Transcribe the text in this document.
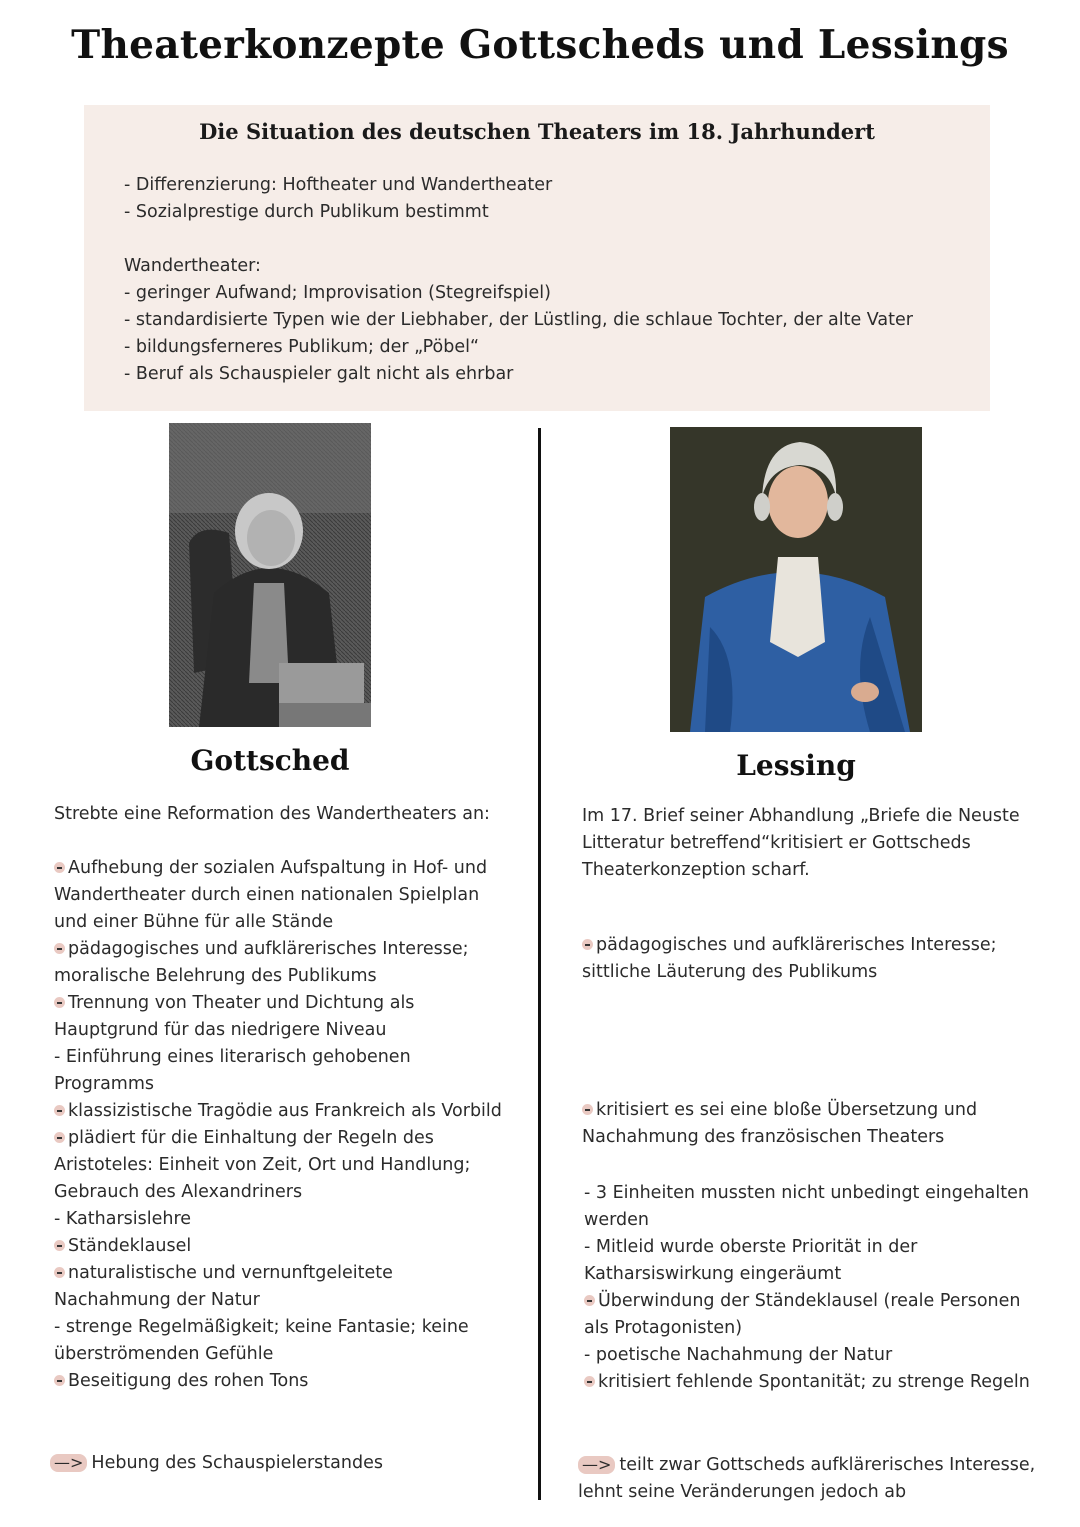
Theaterkonzepte Gottscheds und Lessings
Die Situation des deutschen Theaters im 18. Jahrhundert
- Differenzierung: Hoftheater und Wandertheater
- Sozialprestige durch Publikum bestimmt
Wandertheater:
- geringer Aufwand; Improvisation (Stegreifspiel)
- standardisierte Typen wie der Liebhaber, der Lüstling, die schlaue Tochter, der alte Vater
- bildungsferneres Publikum; der „Pöbel“
- Beruf als Schauspieler galt nicht als ehrbar
Gottsched	Lessing

Strebte eine Reformation des Wandertheaters an:

Aufhebung der sozialen Aufspaltung in Hof- und Wandertheater durch einen nationalen Spielplan und einer Bühne für alle Stände

pädagogisches und aufklärerisches Interesse; moralische Belehrung des Publikums

Trennung von Theater und Dichtung als Hauptgrund für das niedrigere Niveau

- Einführung eines literarisch gehobenen Programms

klassizistische Tragödie aus Frankreich als Vorbild

plädiert für die Einhaltung der Regeln des Aristoteles: Einheit von Zeit, Ort und Handlung; Gebrauch des Alexandriners

- Katharsislehre

Ständeklausel

naturalistische und vernunftgeleitete Nachahmung der Natur

- strenge Regelmäßigkeit; keine Fantasie; keine überströmenden Gefühle

Beseitigung des rohen Tons

—> Hebung des Schauspielerstandes

Im 17. Brief seiner Abhandlung „Briefe die Neuste Litteratur betreffend“kritisiert er Gottscheds Theaterkonzeption scharf.

pädagogisches und aufklärerisches Interesse; sittliche Läuterung des Publikums

kritisiert es sei eine bloße Übersetzung und Nachahmung des französischen Theaters

- 3 Einheiten mussten nicht unbedingt eingehalten werden

- Mitleid wurde oberste Priorität in der Katharsiswirkung eingeräumt

Überwindung der Ständeklausel (reale Personen als Protagonisten)

- poetische Nachahmung der Natur

kritisiert fehlende Spontanität; zu strenge Regeln

—> teilt zwar Gottscheds aufklärerisches Interesse, lehnt seine Veränderungen jedoch ab
